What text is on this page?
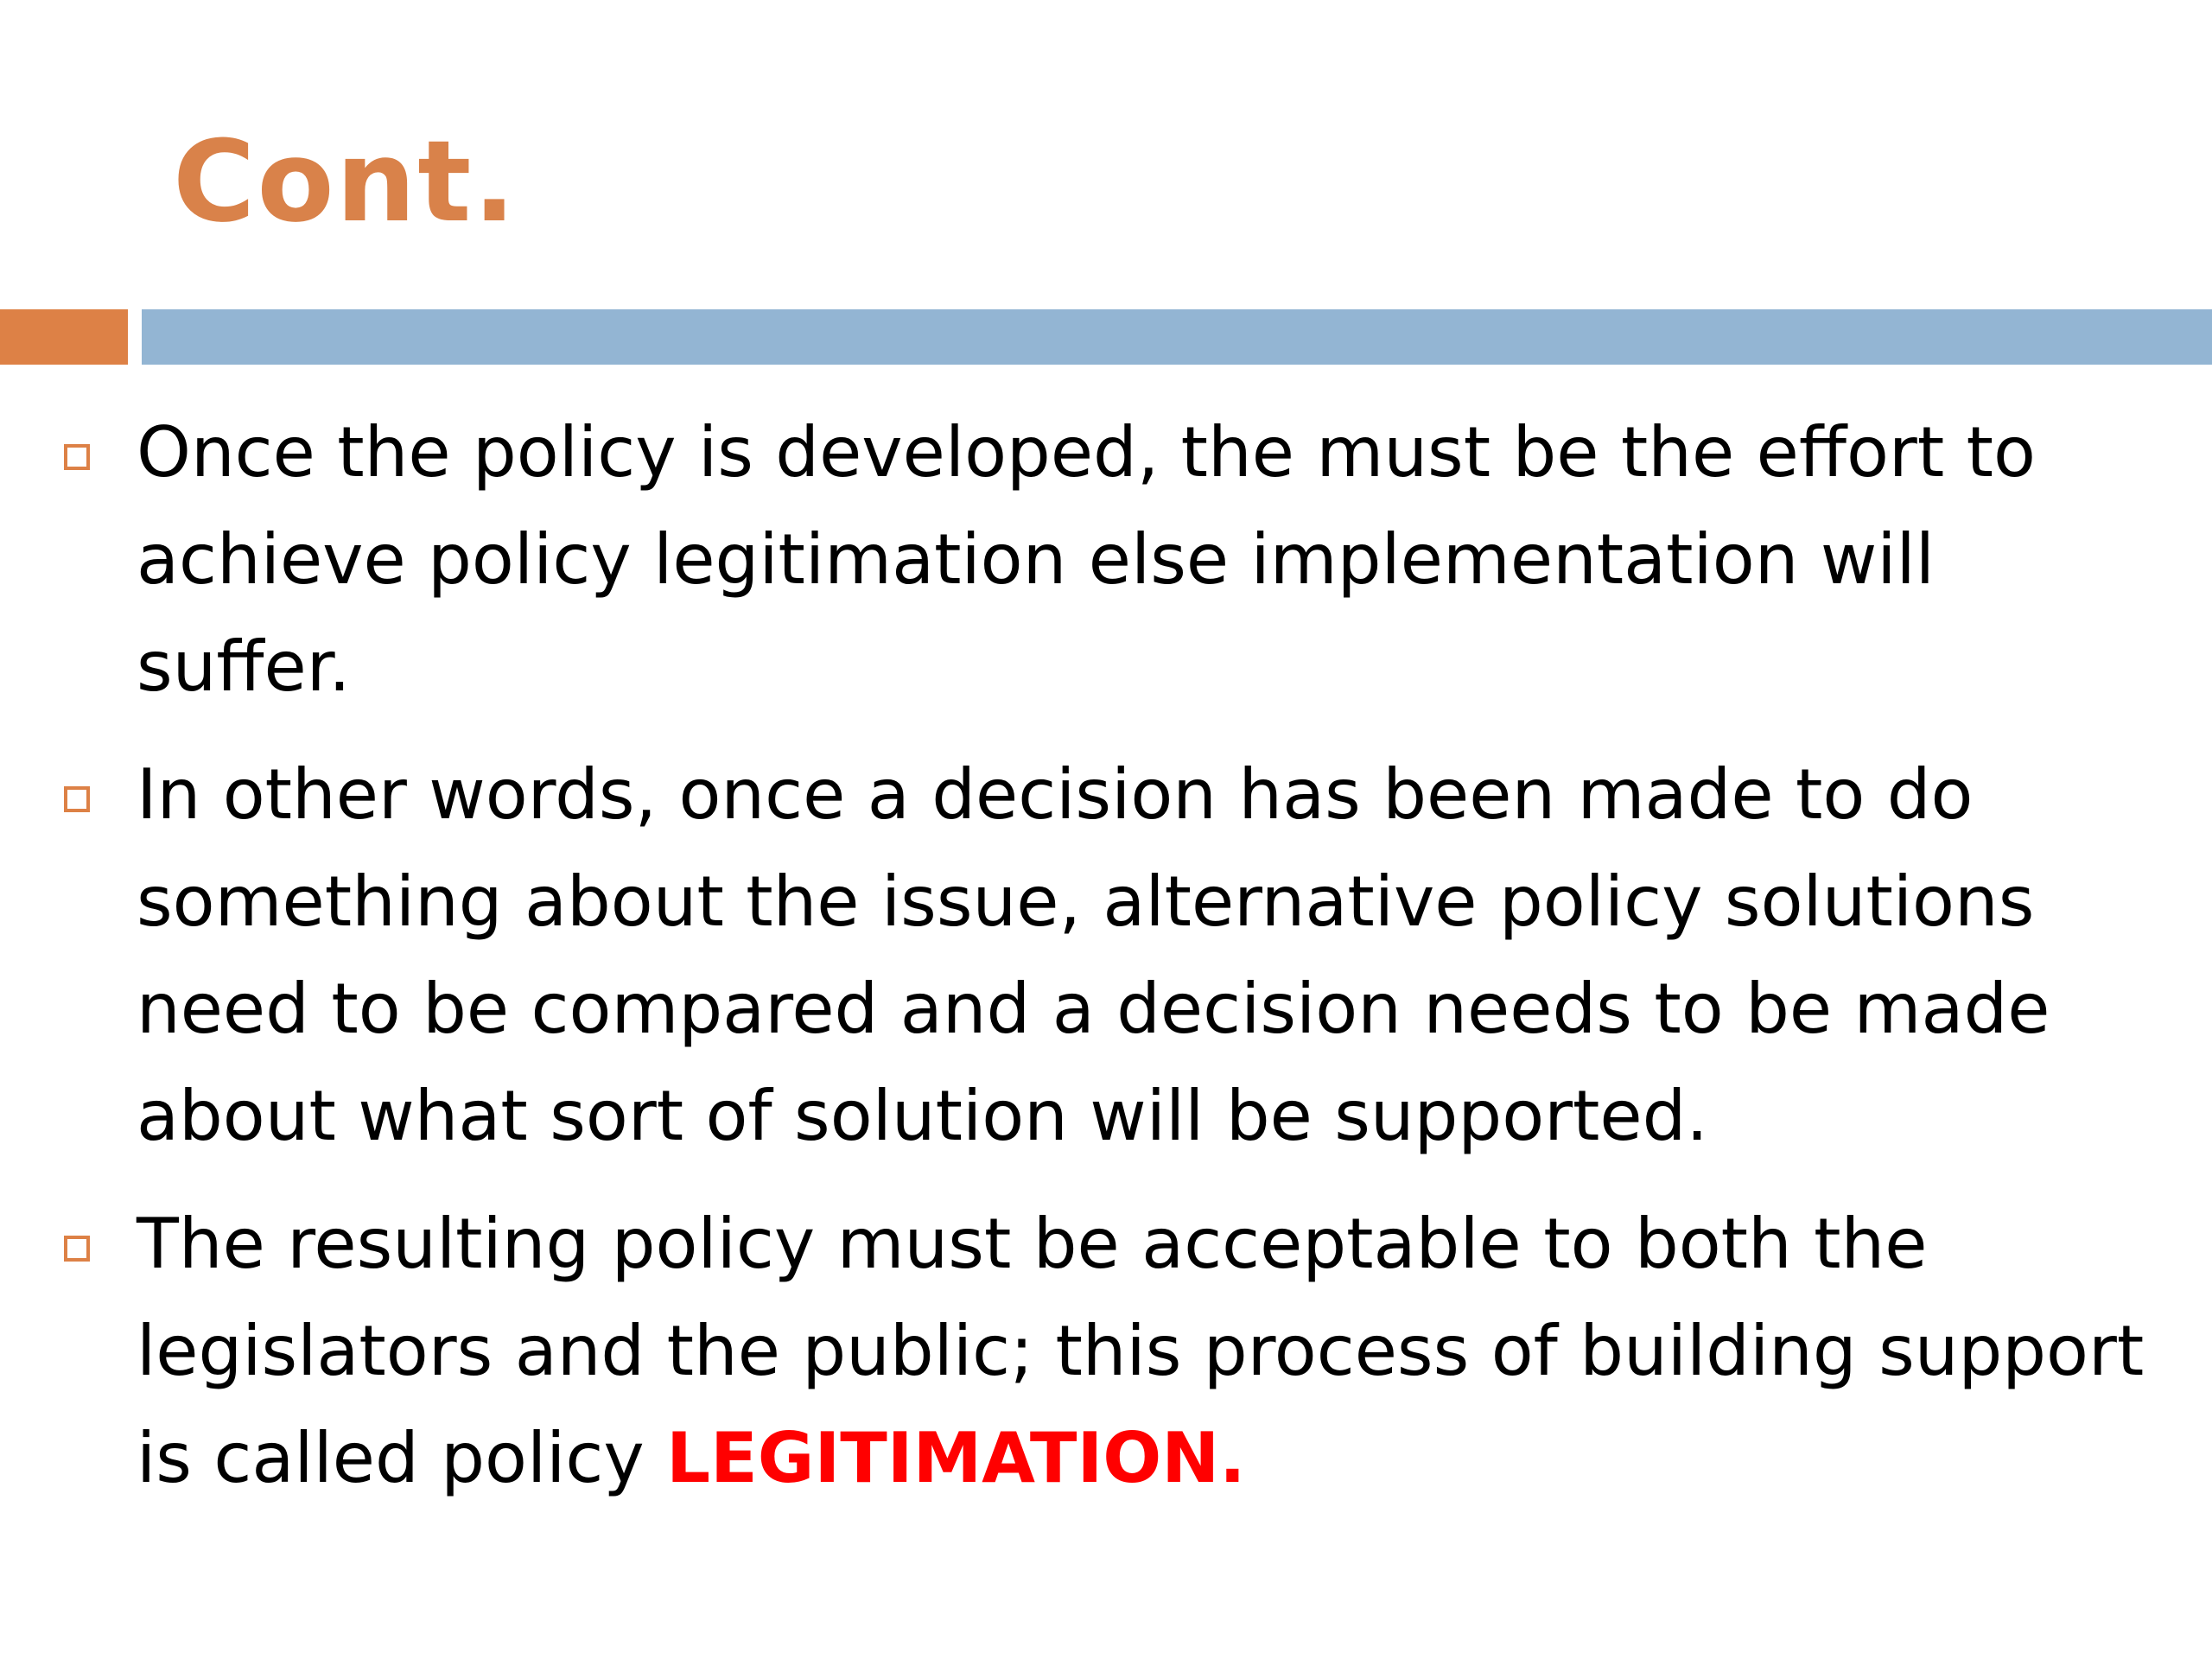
Cont.
Once the policy is developed, the must be the effort to achieve policy legitimation else implementation will suffer.
In other words, once a decision has been made to do something about the issue, alternative policy solutions need to be compared and a decision needs to be made about what sort of solution will be supported.
The resulting policy must be acceptable to both the legislators and the public; this process of building support is called policy LEGITIMATION.
